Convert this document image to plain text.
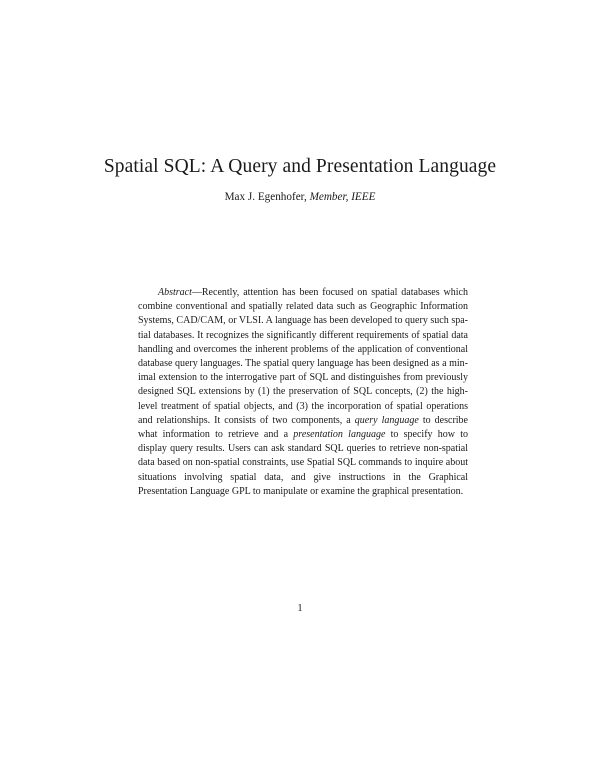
Spatial SQL: A Query and Presentation Language
Max J. Egenhofer, Member, IEEE

Abstract—Recently, attention has been focused on spatial databases which combine conventional and spatially related data such as Geographic Information Systems, CAD/CAM, or VLSI. A language has been developed to query such spatial databases. It recognizes the significantly different requirements of spatial data handling and overcomes the inherent problems of the application of conventional database query languages. The spatial query language has been designed as a minimal extension to the interrogative part of SQL and distinguishes from previously designed SQL extensions by (1) the preservation of SQL concepts, (2) the highlevel treatment of spatial objects, and (3) the incorporation of spatial operations and relationships. It consists of two components, a query language to describe what information to retrieve and a presentation language to specify how to display query results. Users can ask standard SQL queries to retrieve non-spatial data based on non-spatial constraints, use Spatial SQL commands to inquire about situations involving spatial data, and give instructions in the Graphical Presentation Language GPL to manipulate or examine the graphical presentation.

1
